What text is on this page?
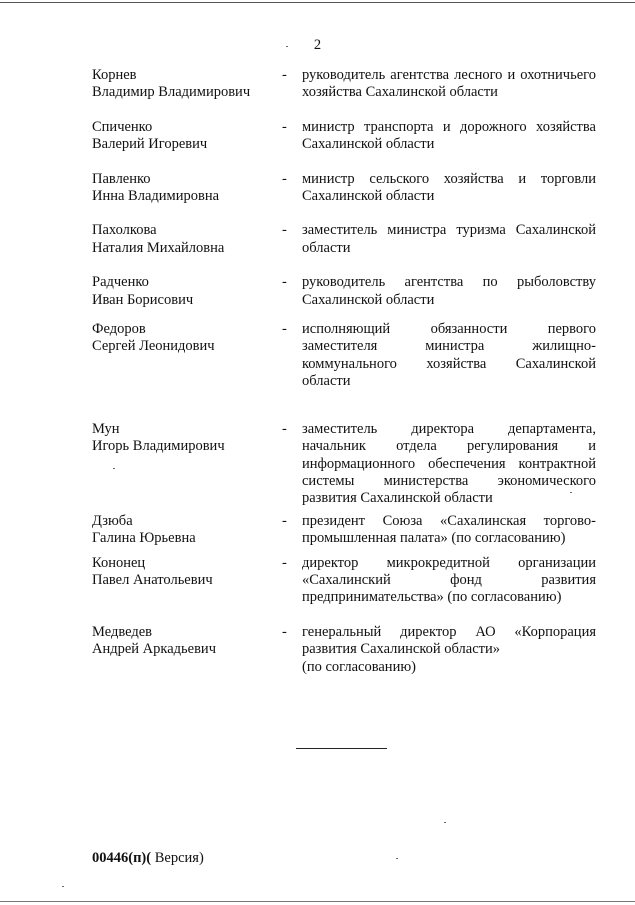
2
Корнев
Владимир Владимирович
-	руководитель агентства лесного и охотничьего хозяйства Сахалинской области
Спиченко
Валерий Игоревич
-	министр транспорта и дорожного хозяйства Сахалинской области
Павленко
Инна Владимировна
-	министр сельского хозяйства и торговли Сахалинской области
Пахолкова
Наталия Михайловна
-	заместитель министра туризма Сахалинской области
Радченко
Иван Борисович
-	руководитель агентства по рыболовству Сахалинской области
Федоров
Сергей Леонидович
-	исполняющий обязанности первого заместителя министра жилищно-коммунального хозяйства Сахалинской области
Мун
Игорь Владимирович
-	заместитель директора департамента, начальник отдела регулирования и информационного обеспечения контрактной системы министерства экономического развития Сахалинской области
Дзюба
Галина Юрьевна
-	президент Союза «Сахалинская торгово-промышленная палата» (по согласованию)
Кононец
Павел Анатольевич
-	директор микрокредитной организации «Сахалинский фонд развития предпринимательства» (по согласованию)
Медведев
Андрей Аркадьевич
-	генеральный директор АО «Корпорация развития Сахалинской области»
(по согласованию)
00446(п)( Версия)
